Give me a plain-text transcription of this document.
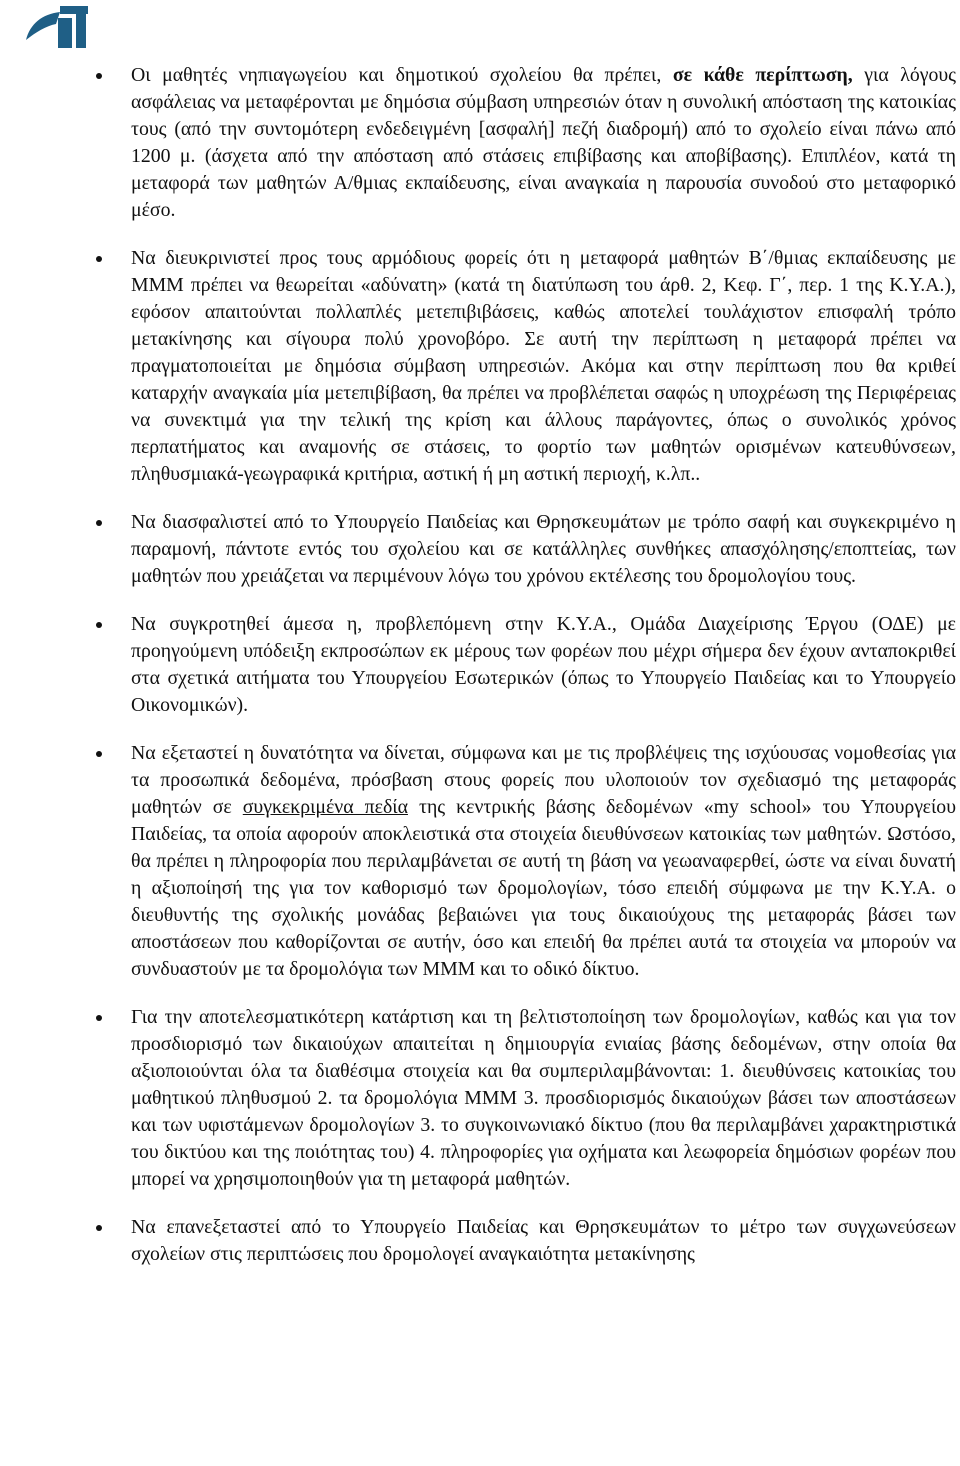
Οι μαθητές νηπιαγωγείου και δημοτικού σχολείου θα πρέπει, σε κάθε περίπτωση, για λόγους ασφάλειας να μεταφέρονται με δημόσια σύμβαση υπηρεσιών όταν η συνολική απόσταση της κατοικίας τους (από την συντομότερη ενδεδειγμένη [ασφαλή] πεζή διαδρομή) από το σχολείο είναι πάνω από 1200 μ. (άσχετα από την απόσταση από στάσεις επιβίβασης και αποβίβασης). Επιπλέον, κατά τη μεταφορά των μαθητών Α/θμιας εκπαίδευσης, είναι αναγκαία η παρουσία συνοδού στο μεταφορικό μέσο.
Να διευκρινιστεί προς τους αρμόδιους φορείς ότι η μεταφορά μαθητών Β΄/θμιας εκπαίδευσης με ΜΜΜ πρέπει να θεωρείται «αδύνατη» (κατά τη διατύπωση του άρθ. 2, Κεφ. Γ΄, περ. 1 της Κ.Υ.Α.), εφόσον απαιτούνται πολλαπλές μετεπιβιβάσεις, καθώς αποτελεί τουλάχιστον επισφαλή τρόπο μετακίνησης και σίγουρα πολύ χρονοβόρο. Σε αυτή την περίπτωση η μεταφορά πρέπει να πραγματοποιείται με δημόσια σύμβαση υπηρεσιών. Ακόμα και στην περίπτωση που θα κριθεί καταρχήν αναγκαία μία μετεπιβίβαση, θα πρέπει να προβλέπεται σαφώς η υποχρέωση της Περιφέρειας να συνεκτιμά για την τελική της κρίση και άλλους παράγοντες, όπως ο συνολικός χρόνος περπατήματος και αναμονής σε στάσεις, το φορτίο των μαθητών ορισμένων κατευθύνσεων, πληθυσμιακά-γεωγραφικά κριτήρια, αστική ή μη αστική περιοχή, κ.λπ..
Να διασφαλιστεί από το Υπουργείο Παιδείας και Θρησκευμάτων με τρόπο σαφή και συγκεκριμένο η παραμονή, πάντοτε εντός του σχολείου και σε κατάλληλες συνθήκες απασχόλησης/εποπτείας, των μαθητών που χρειάζεται να περιμένουν λόγω του χρόνου εκτέλεσης του δρομολογίου τους.
Να συγκροτηθεί άμεσα η, προβλεπόμενη στην Κ.Υ.Α., Ομάδα Διαχείρισης Έργου (ΟΔΕ) με προηγούμενη υπόδειξη εκπροσώπων εκ μέρους των φορέων που μέχρι σήμερα δεν έχουν ανταποκριθεί στα σχετικά αιτήματα του Υπουργείου Εσωτερικών (όπως το Υπουργείο Παιδείας και το Υπουργείο Οικονομικών).
Να εξεταστεί η δυνατότητα να δίνεται, σύμφωνα και με τις προβλέψεις της ισχύουσας νομοθεσίας για τα προσωπικά δεδομένα, πρόσβαση στους φορείς που υλοποιούν τον σχεδιασμό της μεταφοράς μαθητών σε συγκεκριμένα πεδία της κεντρικής βάσης δεδομένων «my school» του Υπουργείου Παιδείας, τα οποία αφορούν αποκλειστικά στα στοιχεία διευθύνσεων κατοικίας των μαθητών. Ωστόσο, θα πρέπει η πληροφορία που περιλαμβάνεται σε αυτή τη βάση να γεωαναφερθεί, ώστε να είναι δυνατή η αξιοποίησή της για τον καθορισμό των δρομολογίων, τόσο επειδή σύμφωνα με την Κ.Υ.Α. ο διευθυντής της σχολικής μονάδας βεβαιώνει για τους δικαιούχους της μεταφοράς βάσει των αποστάσεων που καθορίζονται σε αυτήν, όσο και επειδή θα πρέπει αυτά τα στοιχεία να μπορούν να συνδυαστούν με τα δρομολόγια των ΜΜΜ και το οδικό δίκτυο.
Για την αποτελεσματικότερη κατάρτιση και τη βελτιστοποίηση των δρομολογίων, καθώς και για τον προσδιορισμό των δικαιούχων απαιτείται η δημιουργία ενιαίας βάσης δεδομένων, στην οποία θα αξιοποιούνται όλα τα διαθέσιμα στοιχεία και θα συμπεριλαμβάνονται: 1. διευθύνσεις κατοικίας του μαθητικού πληθυσμού 2. τα δρομολόγια ΜΜΜ 3. προσδιορισμός δικαιούχων βάσει των αποστάσεων και των υφιστάμενων δρομολογίων 3. το συγκοινωνιακό δίκτυο (που θα περιλαμβάνει χαρακτηριστικά του δικτύου και της ποιότητας του) 4. πληροφορίες για οχήματα και λεωφορεία δημόσιων φορέων που μπορεί να χρησιμοποιηθούν για τη μεταφορά μαθητών.
Να επανεξεταστεί από το Υπουργείο Παιδείας και Θρησκευμάτων το μέτρο των συγχωνεύσεων σχολείων στις περιπτώσεις που δρομολογεί αναγκαιότητα μετακίνησης
